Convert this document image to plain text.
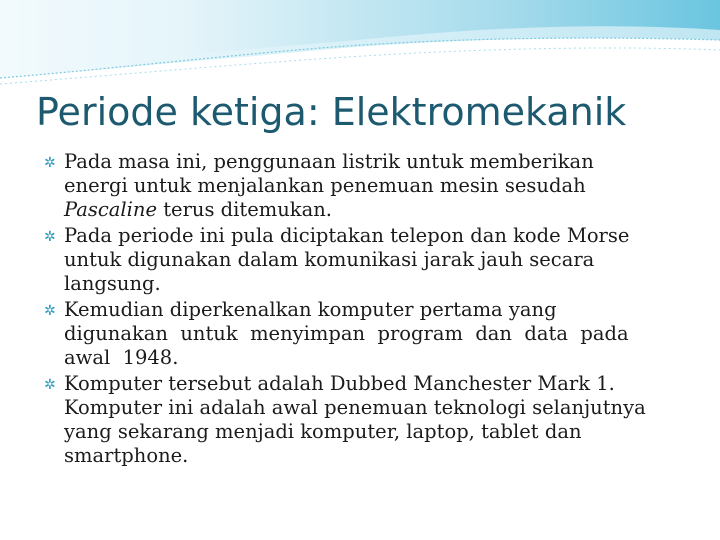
Periode ketiga: Elektromekanik
✲ Pada masa ini, penggunaan listrik untuk memberikan
energi untuk menjalankan penemuan mesin sesudah
Pascaline terus ditemukan.
✲ Pada periode ini pula diciptakan telepon dan kode Morse
untuk digunakan dalam komunikasi jarak jauh secara
langsung.
✲ Kemudian diperkenalkan komputer pertama yang
digunakan  untuk  menyimpan  program  dan  data  pada
awal  1948.
✲ Komputer tersebut adalah Dubbed Manchester Mark 1.
Komputer ini adalah awal penemuan teknologi selanjutnya
yang sekarang menjadi komputer, laptop, tablet dan
smartphone.
